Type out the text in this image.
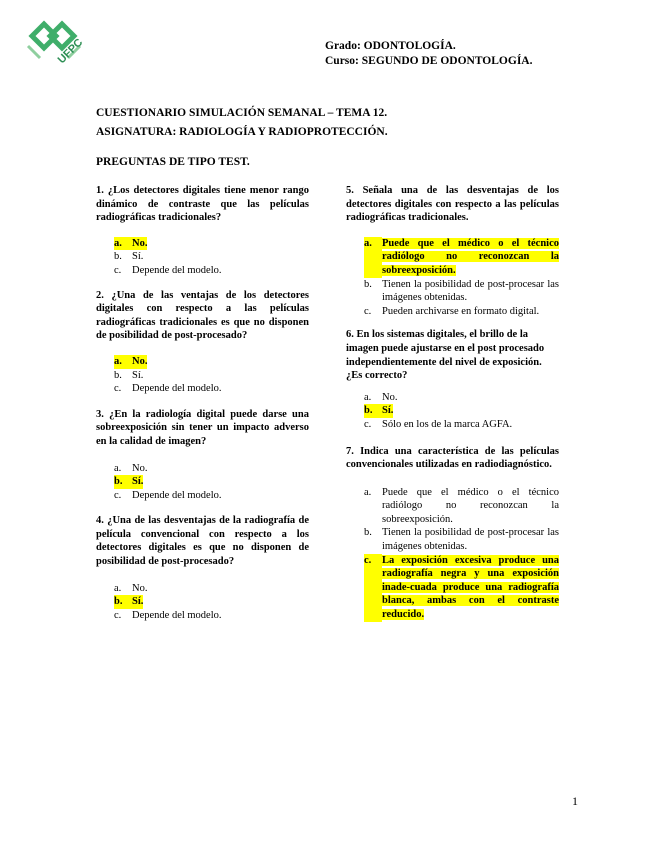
UFPC	Grado: ODONTOLOGÍA.
Curso: SEGUNDO DE ODONTOLOGÍA.
CUESTIONARIO SIMULACIÓN SEMANAL – TEMA 12.
ASIGNATURA: RADIOLOGÍA Y RADIOPROTECCIÓN.
PREGUNTAS DE TIPO TEST.

1. ¿Los detectores digitales tiene menor rango dinámico de contraste que las películas radiográficas tradicionales?

a. No.
b. Sí.
c.	Depende del modelo.

2. ¿Una de las ventajas de los detectores digitales con respecto a las películas radiográficas tradicionales es que no disponen de posibilidad de post-procesado?

a. No.
b. Sí.
c.	Depende del modelo.

3. ¿En la radiología digital puede darse una sobreexposición sin tener un impacto adverso en la calidad de imagen?

a.	No.
b. Sí.
c.	Depende del modelo.

4. ¿Una de las desventajas de la radiografía de película convencional con respecto a los detectores digitales es que no disponen de posibilidad de post-procesado?

a.	No.
b. Sí.
c.	Depende del modelo.

5. Señala una de las desventajas de los detectores digitales con respecto a las películas radiográficas tradicionales.

a. Puede que el médico o el técnico radiólogo no reconozcan la sobreexposición.
b. Tienen la posibilidad de post-procesar las imágenes obtenidas.
c.	Pueden archivarse en formato digital.

6. En los sistemas digitales, el brillo de la imagen puede ajustarse en el post procesado independientemente del nivel de exposición. ¿Es correcto?

a.	No.
b. Sí.
c.	Sólo en los de la marca AGFA.

7. Indica una característica de las películas convencionales utilizadas en radiodiagnóstico.

a.	Puede que el médico o el técnico radiólogo no reconozcan la sobreexposición.
b. Tienen la posibilidad de post-procesar las imágenes obtenidas.
c.	La exposición excesiva produce una radiografía negra y una exposición inade-cuada produce una radiografía blanca, ambas con el contraste reducido.
1
